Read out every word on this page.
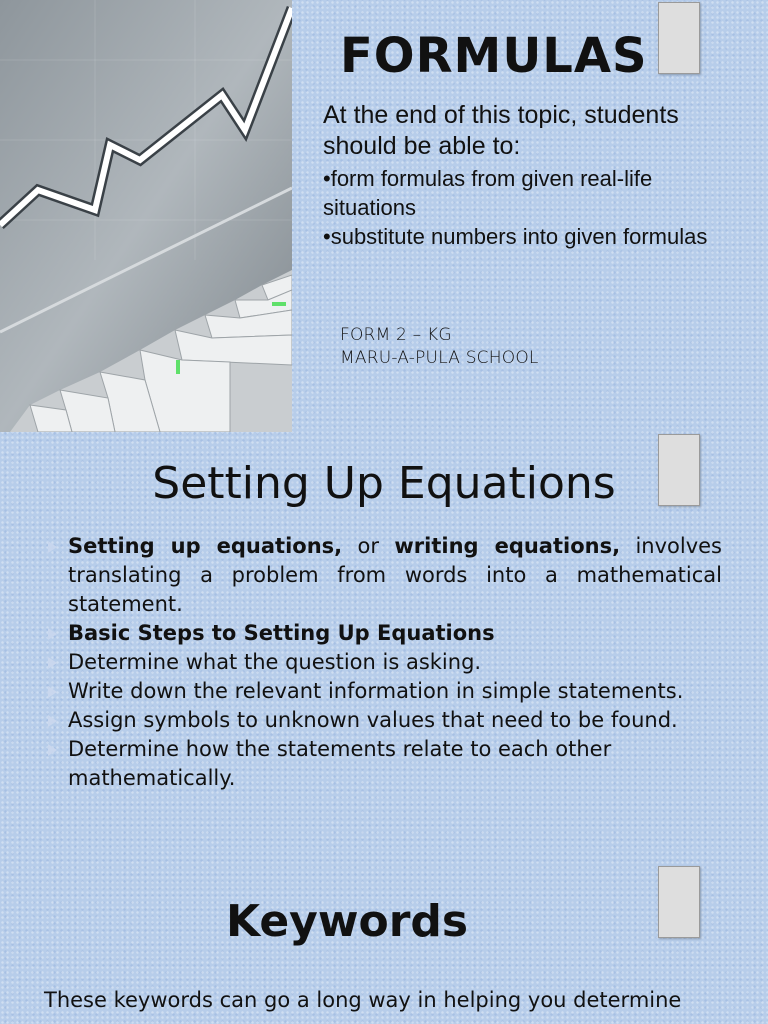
FORMULAS
At the end of this topic, students should be able to:
• form formulas from given real-life situations
• substitute numbers into given formulas
FORM 2 – KG
MARU-A-PULA SCHOOL
Setting Up Equations
Setting up equations, or writing equations, involves translating a problem from words into a mathematical statement.
Basic Steps to Setting Up Equations
Determine what the question is asking.
Write down the relevant information in simple statements.
Assign symbols to unknown values that need to be found.
Determine how the statements relate to each other mathematically.
Keywords
These keywords can go a long way in helping you determine
